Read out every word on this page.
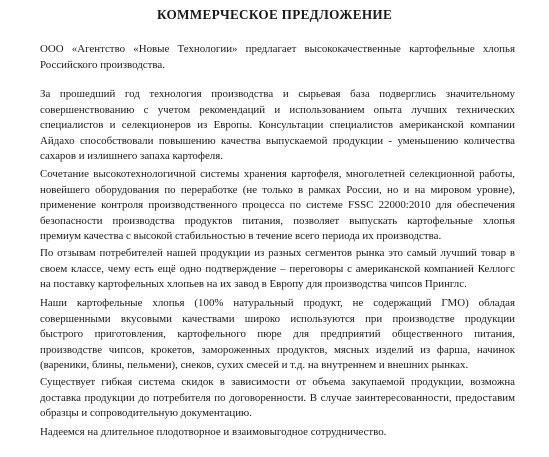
КОММЕРЧЕСКОЕ ПРЕДЛОЖЕНИЕ
ООО «Агентство «Новые Технологии» предлагает высококачественные картофельные хлопья
Российского производства.
За прошедший год технология производства и сырьевая база подверглись значительному
совершенствованию с учетом рекомендаций и использованием опыта лучших технических
специалистов и селекционеров из Европы. Консультации специалистов американской компании
Айдахо способствовали повышению качества выпускаемой продукции - уменьшению количества
сахаров и излишнего запаха картофеля.
Сочетание высокотехнологичной системы хранения картофеля, многолетней селекционной работы,
новейшего оборудования по переработке (не только в рамках России, но и на мировом уровне),
применение контроля производственного процесса по системе FSSC 22000:2010 для обеспечения
безопасности производства продуктов питания, позволяет выпускать картофельные хлопья
премиум качества с высокой стабильностью в течение всего периода их производства.
По отзывам потребителей нашей продукции из разных сегментов рынка это самый лучший товар в
своем классе, чему есть ещё одно подтверждение – переговоры с американской компанией Келлогс
на поставку картофельных хлопьев на их завод в Европу для производства чипсов Принглс.
Наши картофельные хлопья (100% натуральный продукт, не содержащий ГМО) обладая
совершенными вкусовыми качествами широко используются при производстве продукции
быстрого приготовления, картофельного пюре для предприятий общественного питания,
производстве чипсов, крокетов, замороженных продуктов, мясных изделий из фарша, начинок
(вареники, блины, пельмени), снеков, сухих смесей и т.д. на внутреннем и внешних рынках.
Существует гибкая система скидок в зависимости от объема закупаемой продукции, возможна
доставка продукции до потребителя по договоренности. В случае заинтересованности, предоставим
образцы и сопроводительную документацию.
Надеемся на длительное плодотворное и взаимовыгодное сотрудничество.
